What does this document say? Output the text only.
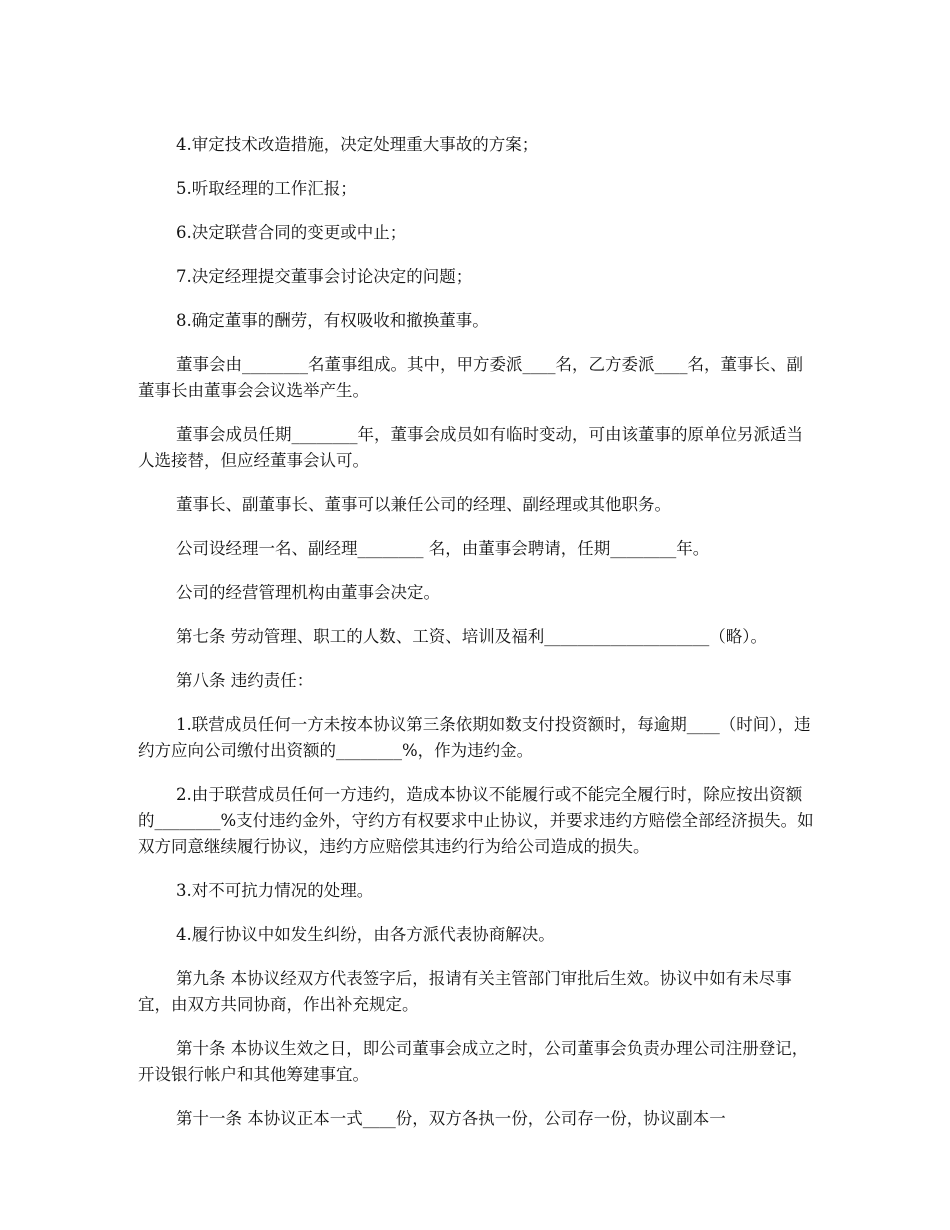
4.审定技术改造措施，决定处理重大事故的方案；

5.听取经理的工作汇报；

6.决定联营合同的变更或中止；

7.决定经理提交董事会讨论决定的问题；

8.确定董事的酬劳，有权吸收和撤换董事。

董事会由________名董事组成。其中，甲方委派____名，乙方委派____名，董事长、副董事长由董事会会议选举产生。

董事会成员任期________年，董事会成员如有临时变动，可由该董事的原单位另派适当人选接替，但应经董事会认可。

董事长、副董事长、董事可以兼任公司的经理、副经理或其他职务。

公司设经理一名、副经理________ 名，由董事会聘请，任期________年。

公司的经营管理机构由董事会决定。

第七条 劳动管理、职工的人数、工资、培训及福利____________________（略）。

第八条 违约责任：

1.联营成员任何一方未按本协议第三条依期如数支付投资额时，每逾期____（时间），违约方应向公司缴付出资额的________%，作为违约金。

2.由于联营成员任何一方违约，造成本协议不能履行或不能完全履行时，除应按出资额的________%支付违约金外，守约方有权要求中止协议，并要求违约方赔偿全部经济损失。如双方同意继续履行协议，违约方应赔偿其违约行为给公司造成的损失。

3.对不可抗力情况的处理。

4.履行协议中如发生纠纷，由各方派代表协商解决。

第九条 本协议经双方代表签字后，报请有关主管部门审批后生效。协议中如有未尽事宜，由双方共同协商，作出补充规定。

第十条 本协议生效之日，即公司董事会成立之时，公司董事会负责办理公司注册登记，开设银行帐户和其他筹建事宜。

第十一条 本协议正本一式____份，双方各执一份，公司存一份，协议副本一
